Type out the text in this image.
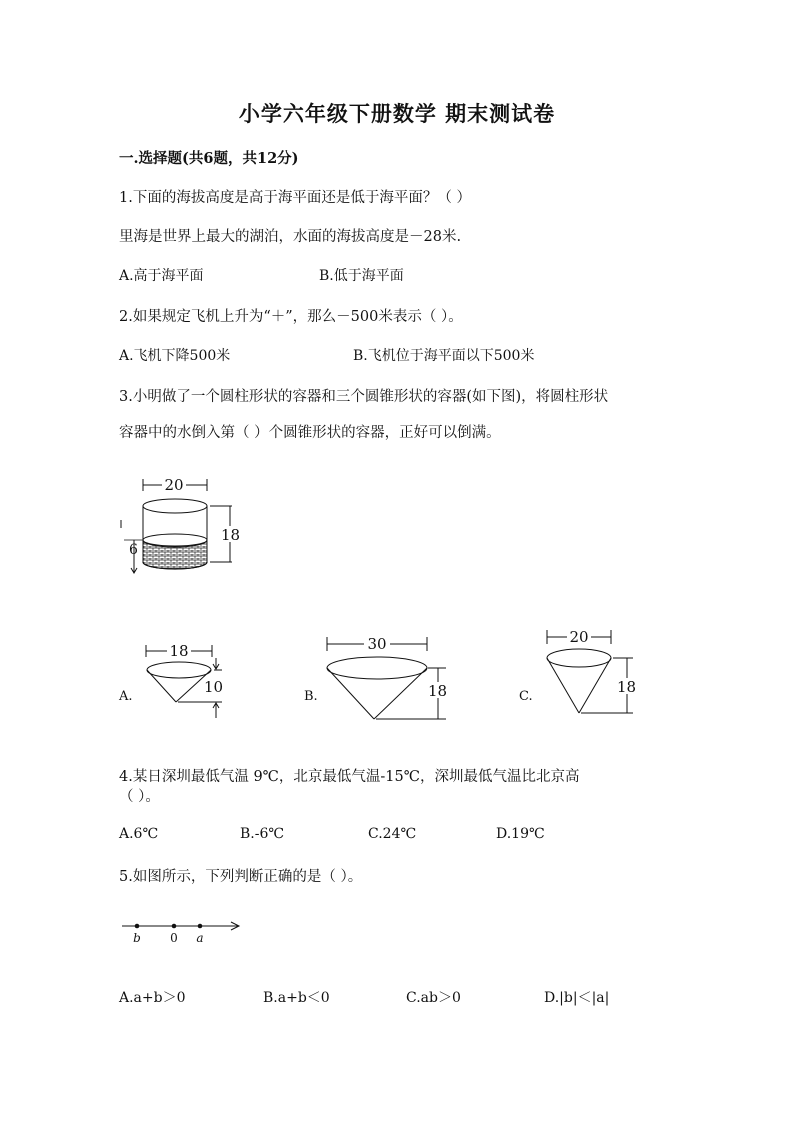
小学六年级下册数学 期末测试卷
一.选择题(共6题，共12分)
1.下面的海拔高度是高于海平面还是低于海平面？（ ）
里海是世界上最大的湖泊，水面的海拔高度是－28米.
A.高于海平面	B.低于海平面
2.如果规定飞机上升为“＋”，那么－500米表示（ ）。
A.飞机下降500米	B.飞机位于海平面以下500米
3.小明做了一个圆柱形状的容器和三个圆锥形状的容器(如下图)，将圆柱形状
容器中的水倒入第（ ）个圆锥形状的容器，正好可以倒满。
20
18
6
A.
18
10
B.
30
18	C.
20
18
4.某日深圳最低气温 9℃，北京最低气温-15℃，深圳最低气温比北京高
（ ）。
A.6℃	B.-6℃	C.24℃	D.19℃
5.如图所示，下列判断正确的是（ ）。
b 0 a
A.a+b＞0	B.a+b＜0	C.ab＞0	D.|b|＜|a|
